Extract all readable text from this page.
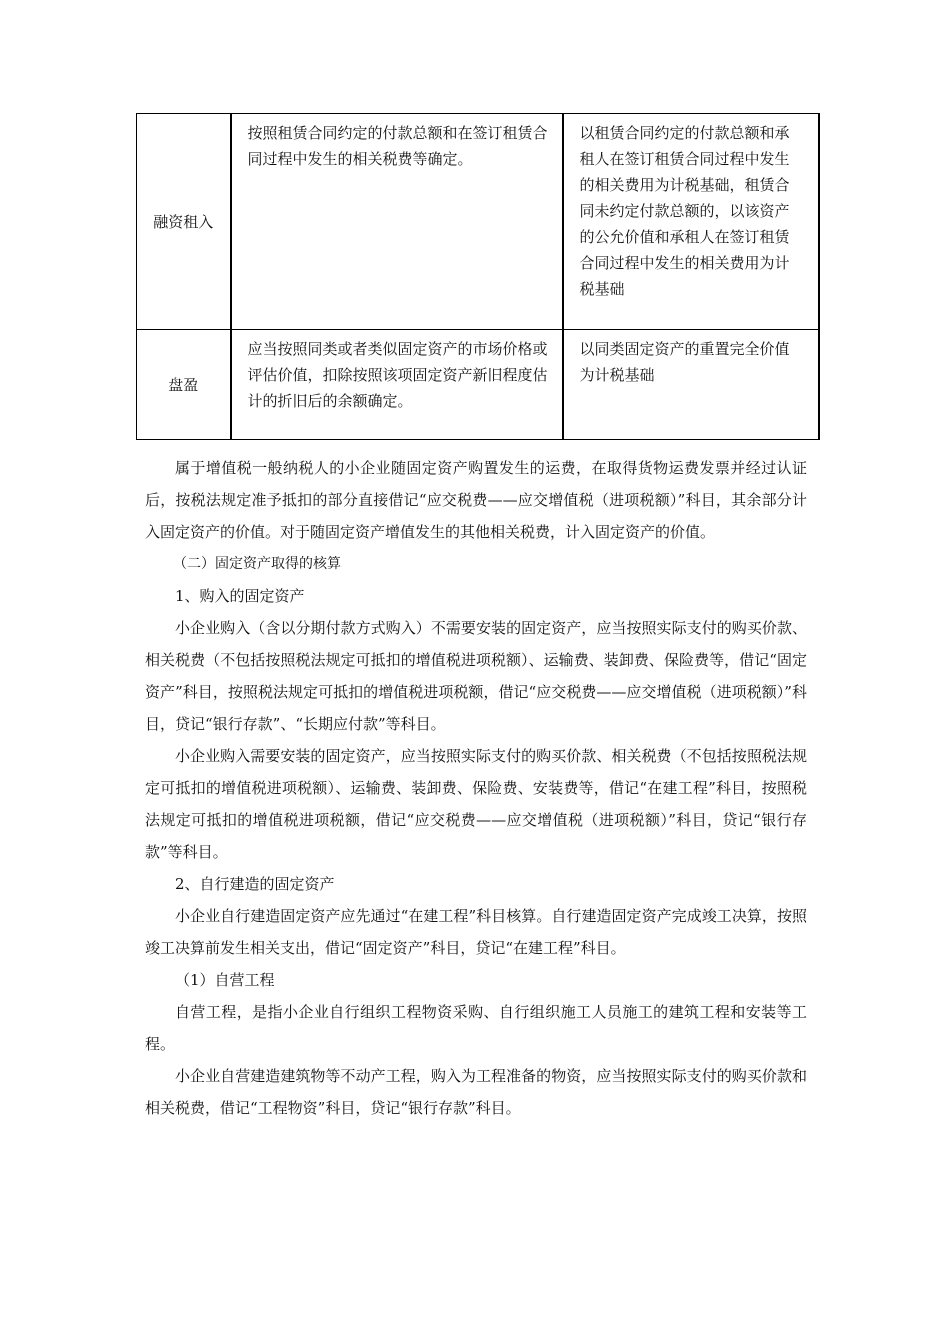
融资租入	按照租赁合同约定的付款总额和在签订租赁合同过程中发生的相关税费等确定。	以租赁合同约定的付款总额和承租人在签订租赁合同过程中发生的相关费用为计税基础，租赁合同未约定付款总额的，以该资产的公允价值和承租人在签订租赁合同过程中发生的相关费用为计税基础

盘盈	应当按照同类或者类似固定资产的市场价格或评估价值，扣除按照该项固定资产新旧程度估计的折旧后的余额确定。	以同类固定资产的重置完全价值为计税基础

属于增值税一般纳税人的小企业随固定资产购置发生的运费，在取得货物运费发票并经过认证后，按税法规定准予抵扣的部分直接借记“应交税费——应交增值税（进项税额）”科目，其余部分计入固定资产的价值。对于随固定资产增值发生的其他相关税费，计入固定资产的价值。

（二）固定资产取得的核算

1、购入的固定资产

小企业购入（含以分期付款方式购入）不需要安装的固定资产，应当按照实际支付的购买价款、相关税费（不包括按照税法规定可抵扣的增值税进项税额）、运输费、装卸费、保险费等，借记“固定资产”科目，按照税法规定可抵扣的增值税进项税额，借记“应交税费——应交增值税（进项税额）”科目，贷记“银行存款”、“长期应付款”等科目。

小企业购入需要安装的固定资产，应当按照实际支付的购买价款、相关税费（不包括按照税法规定可抵扣的增值税进项税额）、运输费、装卸费、保险费、安装费等，借记“在建工程”科目，按照税法规定可抵扣的增值税进项税额，借记“应交税费——应交增值税（进项税额）”科目，贷记“银行存款”等科目。

2、自行建造的固定资产

小企业自行建造固定资产应先通过“在建工程”科目核算。自行建造固定资产完成竣工决算，按照竣工决算前发生相关支出，借记“固定资产”科目，贷记“在建工程”科目。

（1）自营工程

自营工程，是指小企业自行组织工程物资采购、自行组织施工人员施工的建筑工程和安装等工程。

小企业自营建造建筑物等不动产工程，购入为工程准备的物资，应当按照实际支付的购买价款和相关税费，借记“工程物资”科目，贷记“银行存款”科目。
